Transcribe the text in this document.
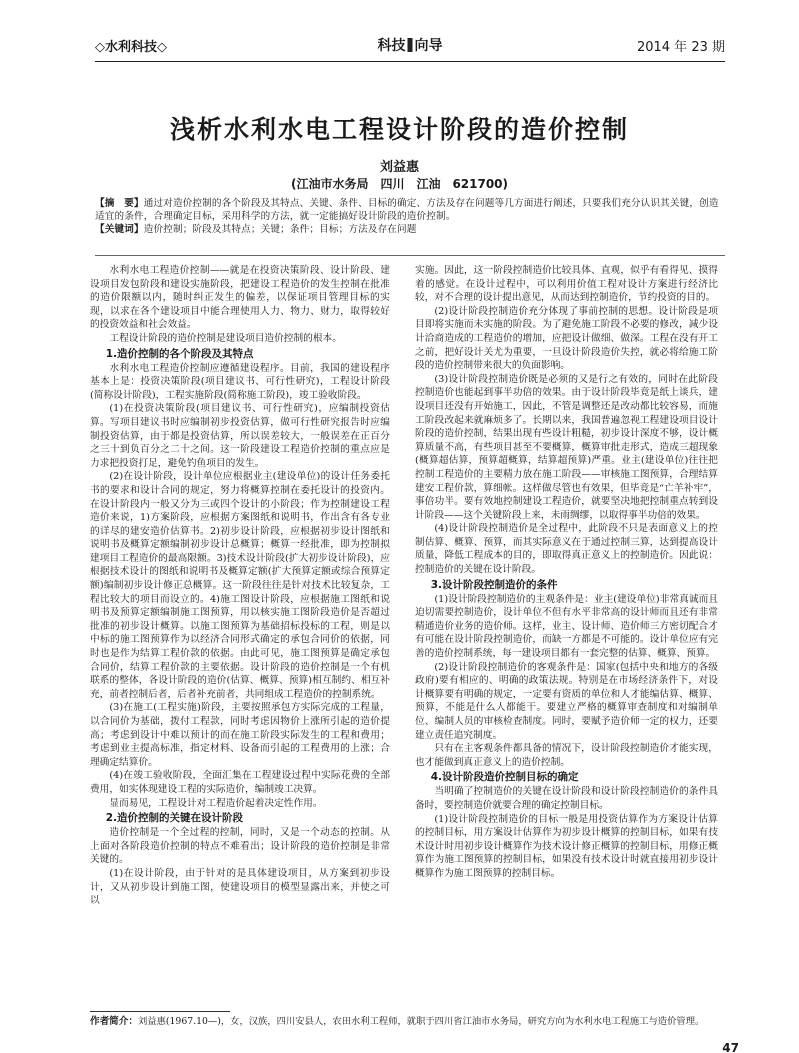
◇水利科技◇	科技 向导	2014 年 23 期
浅析水利水电工程设计阶段的造价控制
刘益惠
(江油市水务局　四川　江油　621700)

【摘　要】通过对造价控制的各个阶段及其特点、关键、条件、目标的确定、方法及存在问题等几方面进行阐述，只要我们充分认识其关键，创造适宜的条件，合理确定目标，采用科学的方法，就一定能搞好设计阶段的造价控制。

【关键词】造价控制；阶段及其特点；关键；条件；目标；方法及存在问题

水利水电工程造价控制——就是在投资决策阶段、设计阶段、建设项目发包阶段和建设实施阶段，把建设工程造价的发生控制在批准的造价限额以内，随时纠正发生的偏差，以保证项目管理目标的实现，以求在各个建设项目中能合理使用人力、物力、财力，取得较好的投资效益和社会效益。

工程设计阶段的造价控制是建设项目造价控制的根本。

1.造价控制的各个阶段及其特点

水利水电工程造价控制应遵循建设程序。目前，我国的建设程序基本上是：投资决策阶段(项目建议书、可行性研究)，工程设计阶段(简称设计阶段)，工程实施阶段(简称施工阶段)，竣工验收阶段。

(1)在投资决策阶段(项目建议书、可行性研究)，应编制投资估算。写项目建议书时应编制初步投资估算，做可行性研究报告时应编制投资估算，由于都是投资估算，所以误差较大，一般误差在正百分之三十到负百分之二十之间。这一阶段建设工程造价控制的重点应是力求把投资打足，避免钓鱼项目的发生。

(2)在设计阶段，设计单位应根据业主(建设单位)的设计任务委托书的要求和设计合同的规定，努力将概算控制在委托设计的投资内。在设计阶段内一般又分为三或四个设计的小阶段；作为控制建设工程造价来说，1)方案阶段，应根据方案图纸和说明书，作出含有各专业的详尽的建安造价估算书。2)初步设计阶段，应根据初步设计图纸和说明书及概算定额编制初步设计总概算；概算一经批准，即为控制拟建项目工程造价的最高限额。3)技术设计阶段(扩大初步设计阶段)，应根据技术设计的图纸和说明书及概算定额(扩大预算定额或综合预算定额)编制初步设计修正总概算。这一阶段往往是针对技术比较复杂，工程比较大的项目而设立的。4)施工图设计阶段，应根据施工图纸和说明书及预算定额编制施工图预算，用以核实施工图阶段造价是否超过批准的初步设计概算。以施工图预算为基础招标投标的工程，则是以中标的施工图预算作为以经济合同形式确定的承包合同价的依据，同时也是作为结算工程价款的依据。由此可见，施工图预算是确定承包合同价，结算工程价款的主要依据。设计阶段的造价控制是一个有机联系的整体，各设计阶段的造价(估算、概算、预算)相互制约、相互补充，前者控制后者，后者补充前者，共同组成工程造价的控制系统。

(3)在施工(工程实施)阶段，主要按照承包方实际完成的工程量，以合同价为基础，拨付工程款，同时考虑因物价上涨所引起的造价提高；考虑到设计中难以预计的而在施工阶段实际发生的工程和费用；考虑到业主提高标准，指定材料、设备而引起的工程费用的上涨；合理确定结算价。

(4)在竣工验收阶段，全面汇集在工程建设过程中实际花费的全部费用，如实体现建设工程的实际造价，编制竣工决算。

显而易见，工程设计对工程造价起着决定性作用。

2.造价控制的关键在设计阶段

造价控制是一个全过程的控制，同时，又是一个动态的控制。从上面对各阶段造价控制的特点不难看出；设计阶段的造价控制是非常关键的。

(1)在设计阶段，由于针对的是具体建设项目，从方案到初步设计，又从初步设计到施工图，使建设项目的模型显露出来，并使之可以

实施。因此，这一阶段控制造价比较具体、直观，似乎有看得见、摸得着的感觉。在设计过程中，可以利用价值工程对设计方案进行经济比较，对不合理的设计提出意见，从而达到控制造价，节约投资的目的。

(2)设计阶段控制造价充分体现了事前控制的思想。设计阶段是项目即将实施而未实施的阶段。为了避免施工阶段不必要的修改，减少设计洽商造成的工程造价的增加，应把设计做细、做深。工程在没有开工之前，把好设计关尤为重要，一旦设计阶段造价失控，就必将给施工阶段的造价控制带来很大的负面影响。

(3)设计阶段控制造价既是必须的又是行之有效的，同时在此阶段控制造价也能起到事半功倍的效果。由于设计阶段毕竟是纸上谈兵，建设项目还没有开始施工，因此，不管是调整还是改动都比较容易，而施工阶段改起来就麻烦多了。长期以来，我国普遍忽视工程建设项目设计阶段的造价控制，结果出现有些设计粗糙，初步设计深度不够，设计概算质量不高，有些项目甚至不要概算，概算审批走形式，造成三超现象(概算超估算，预算超概算，结算超预算)严重。业主(建设单位)往往把控制工程造价的主要精力放在施工阶段——审核施工图预算，合理结算建安工程价款，算细帐。这样做尽管也有效果，但毕竟是“亡羊补牢”，事倍功半。要有效地控制建设工程造价，就要坚决地把控制重点转到设计阶段——这个关键阶段上来，未雨绸缪，以取得事半功倍的效果。

(4)设计阶段控制造价是全过程中，此阶段不只是表面意义上的控制估算、概算、预算，而其实际意义在于通过控制三算，达到提高设计质量，降低工程成本的目的，即取得真正意义上的控制造价。因此说：控制造价的关键在设计阶段。

3.设计阶段控制造价的条件

(1)设计阶段控制造价的主观条件是：业主(建设单位)非常真诚而且迫切需要控制造价，设计单位不但有水平非常高的设计师而且还有非常精通造价业务的造价师。这样，业主、设计师、造价师三方密切配合才有可能在设计阶段控制造价，而缺一方都是不可能的。设计单位应有完善的造价控制系统，每一建设项目都有一套完整的估算、概算、预算。

(2)设计阶段控制造价的客观条件是：国家(包括中央和地方的各级政府)要有相应的、明确的政策法规。特别是在市场经济条件下，对设计概算要有明确的规定，一定要有资质的单位和人才能编估算、概算、预算，不能是什么人都能干。要建立严格的概算审查制度和对编制单位、编制人员的审核检查制度。同时，要赋予造价师一定的权力，还要建立责任追究制度。

只有在主客观条件都具备的情况下，设计阶段控制造价才能实现，也才能做到真正意义上的造价控制。

4.设计阶段造价控制目标的确定

当明确了控制造价的关键在设计阶段和设计阶段控制造价的条件具备时，要控制造价就要合理的确定控制目标。

(1)设计阶段控制造价的目标一般是用投资估算作为方案设计估算的控制目标，用方案设计估算作为初步设计概算的控制目标，如果有技术设计时用初步设计概算作为技术设计修正概算的控制目标，用修正概算作为施工图预算的控制目标，如果没有技术设计时就直接用初步设计概算作为施工图预算的控制目标。

作者简介：刘益惠(1967.10—)，女，汉族，四川安县人，农田水利工程师，就职于四川省江油市水务局，研究方向为水利水电工程施工与造价管理。
47
